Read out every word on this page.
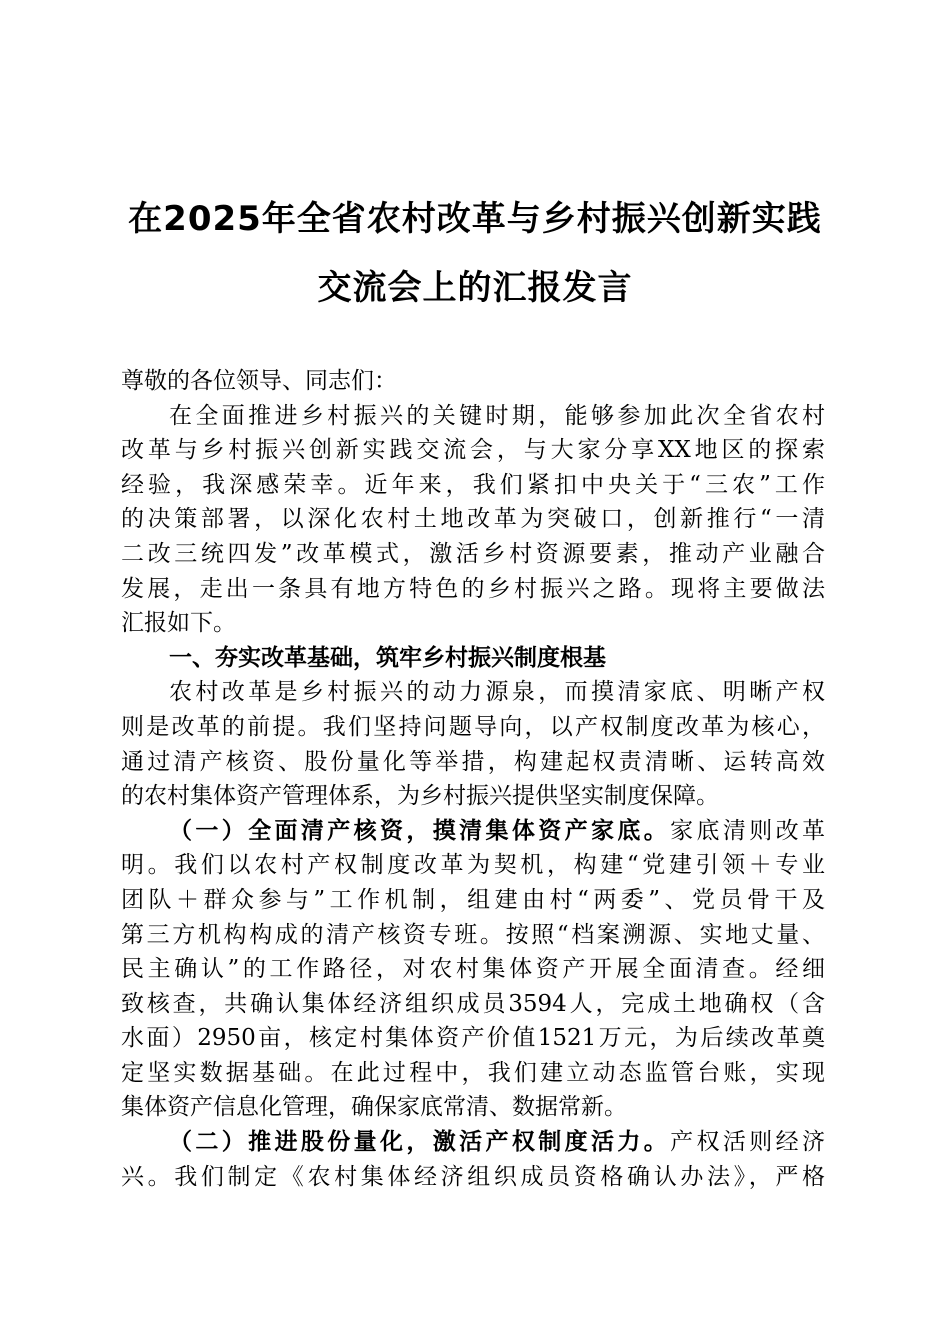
在2025年全省农村改革与乡村振兴创新实践
交流会上的汇报发言
尊敬的各位领导、同志们：
在全面推进乡村振兴的关键时期，能够参加此次全省农村
改革与乡村振兴创新实践交流会，与大家分享XX地区的探索
经验，我深感荣幸。近年来，我们紧扣中央关于“三农”工作
的决策部署，以深化农村土地改革为突破口，创新推行“一清
二改三统四发”改革模式，激活乡村资源要素，推动产业融合
发展，走出一条具有地方特色的乡村振兴之路。现将主要做法
汇报如下。
一、夯实改革基础，筑牢乡村振兴制度根基
农村改革是乡村振兴的动力源泉，而摸清家底、明晰产权
则是改革的前提。我们坚持问题导向，以产权制度改革为核心，
通过清产核资、股份量化等举措，构建起权责清晰、运转高效
的农村集体资产管理体系，为乡村振兴提供坚实制度保障。
（一）全面清产核资，摸清集体资产家底。家底清则改革
明。我们以农村产权制度改革为契机，构建“党建引领＋专业
团队＋群众参与”工作机制，组建由村“两委”、党员骨干及
第三方机构构成的清产核资专班。按照“档案溯源、实地丈量、
民主确认”的工作路径，对农村集体资产开展全面清查。经细
致核查，共确认集体经济组织成员3594人，完成土地确权（含
水面）2950亩，核定村集体资产价值1521万元，为后续改革奠
定坚实数据基础。在此过程中，我们建立动态监管台账，实现
集体资产信息化管理，确保家底常清、数据常新。
（二）推进股份量化，激活产权制度活力。产权活则经济
兴。我们制定《农村集体经济组织成员资格确认办法》，严格
